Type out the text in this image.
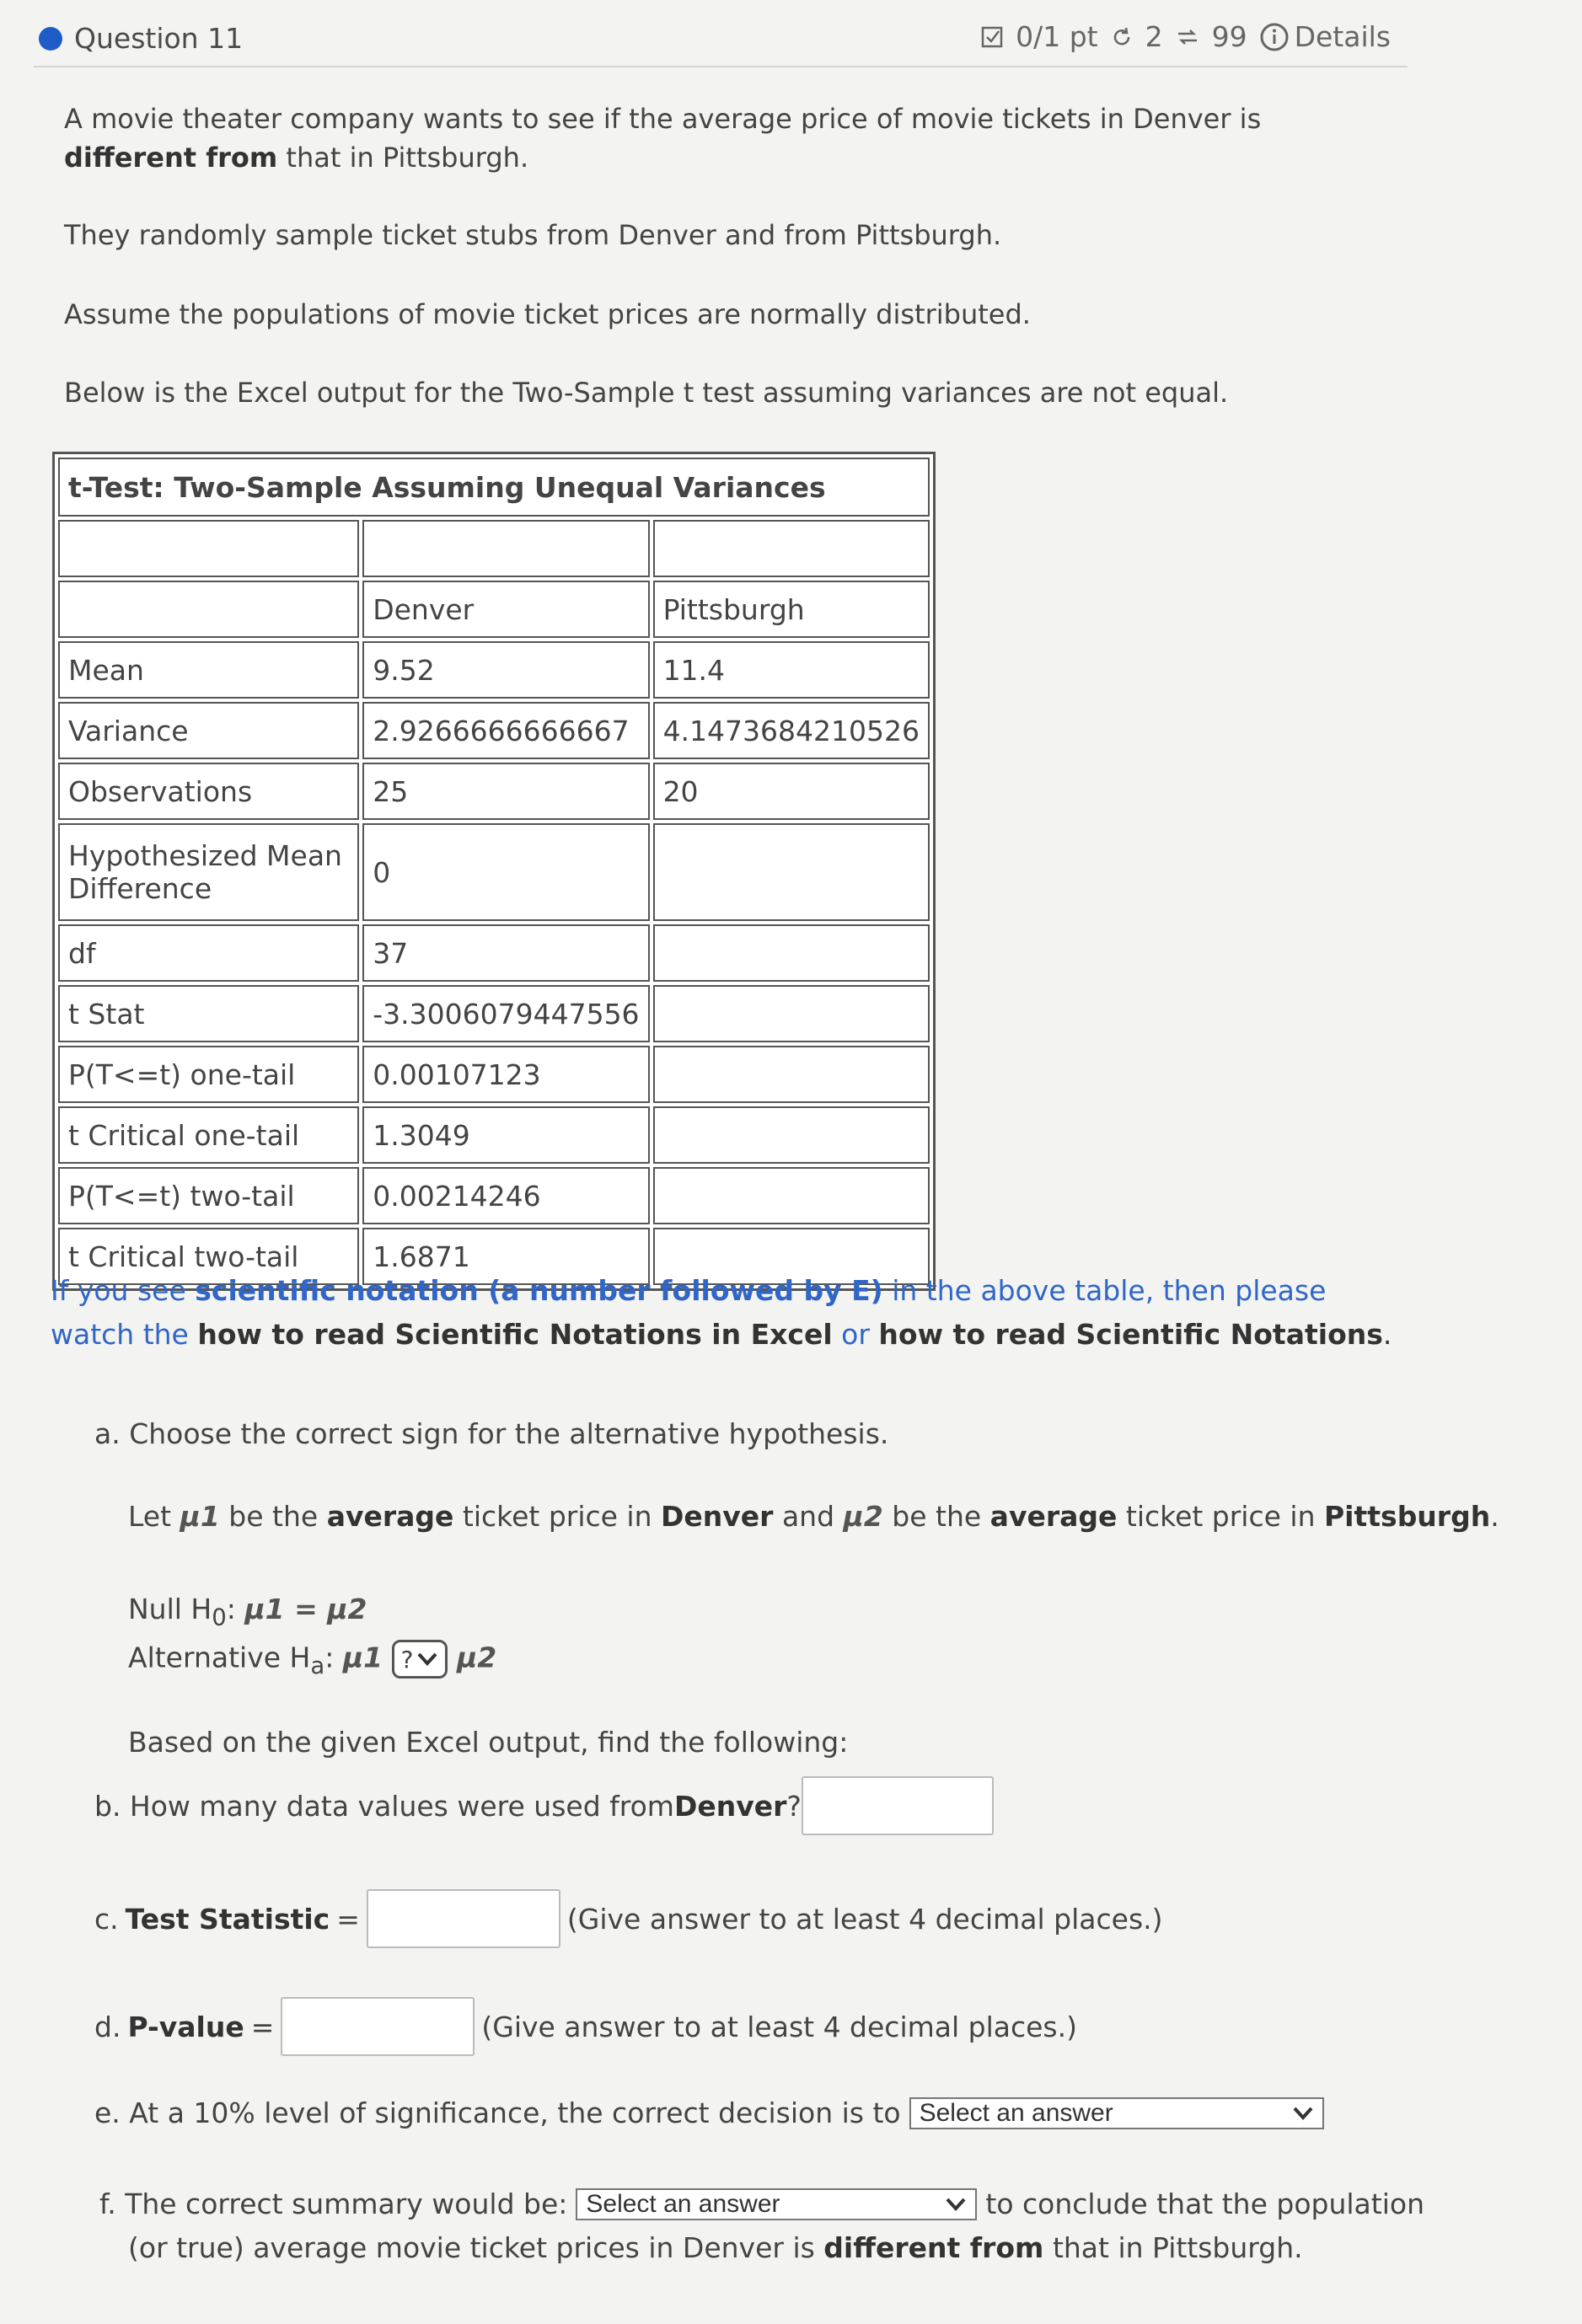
Question 11	0/1 pt 2 99 Details
A movie theater company wants to see if the average price of movie tickets in Denver is different from that in Pittsburgh.
They randomly sample ticket stubs from Denver and from Pittsburgh.
Assume the populations of movie ticket prices are normally distributed.
Below is the Excel output for the Two-Sample t test assuming variances are not equal.
t-Test: Two-Sample Assuming Unequal Variances		

	Denver	Pittsburgh
Mean	9.52	11.4
Variance	2.9266666666667	4.1473684210526
Observations	25	20
Hypothesized Mean Difference	0	
df	37	
t Stat	-3.3006079447556	
P(T<=t) one-tail	0.00107123	
t Critical one-tail	1.3049	
P(T<=t) two-tail	0.00214246	
t Critical two-tail	1.6871	
If you see scientific notation (a number followed by E) in the above table, then please watch the how to read Scientific Notations in Excel or how to read Scientific Notations.
a. Choose the correct sign for the alternative hypothesis.
Let μ1 be the average ticket price in Denver and μ2 be the average ticket price in Pittsburgh.
Null $H_0$: μ1 = μ2
Alternative $H_a$: μ1 ? μ2
Based on the given Excel output, find the following:
b. How many data values were used from Denver ?
c. Test Statistic =	(Give answer to at least 4 decimal places.)
d. P-value =	(Give answer to at least 4 decimal places.)
e. At a 10% level of significance, the correct decision is to Select an answer
f. The correct summary would be: Select an answer	to conclude that the population
(or true) average movie ticket prices in Denver is different from that in Pittsburgh.
